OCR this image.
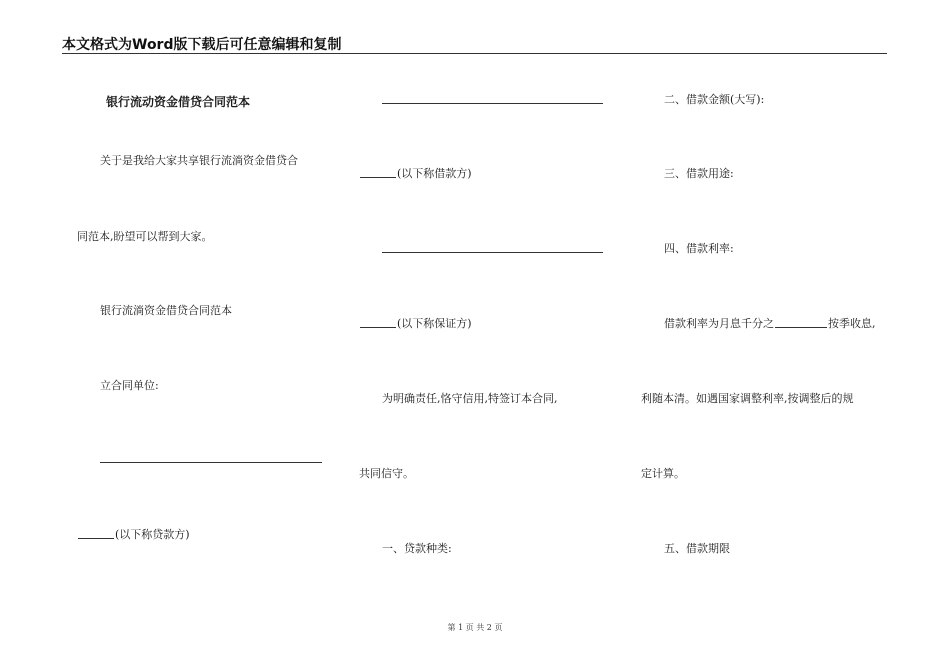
本文格式为Word版下载后可任意编辑和复制
银行流动资金借贷合同范本
关于是我给大家共享银行流淌资金借贷合
同范本,盼望可以帮到大家。
银行流淌资金借贷合同范本
立合同单位:
(以下称贷款方)
(以下称借款方)
(以下称保证方)
为明确责任,恪守信用,特签订本合同,
共同信守。
一、贷款种类:
二、借款金额(大写):
三、借款用途:
四、借款利率:
借款利率为月息千分之	按季收息,
利随本清。如遇国家调整利率,按调整后的规
定计算。
五、借款期限
第 1 页 共 2 页
